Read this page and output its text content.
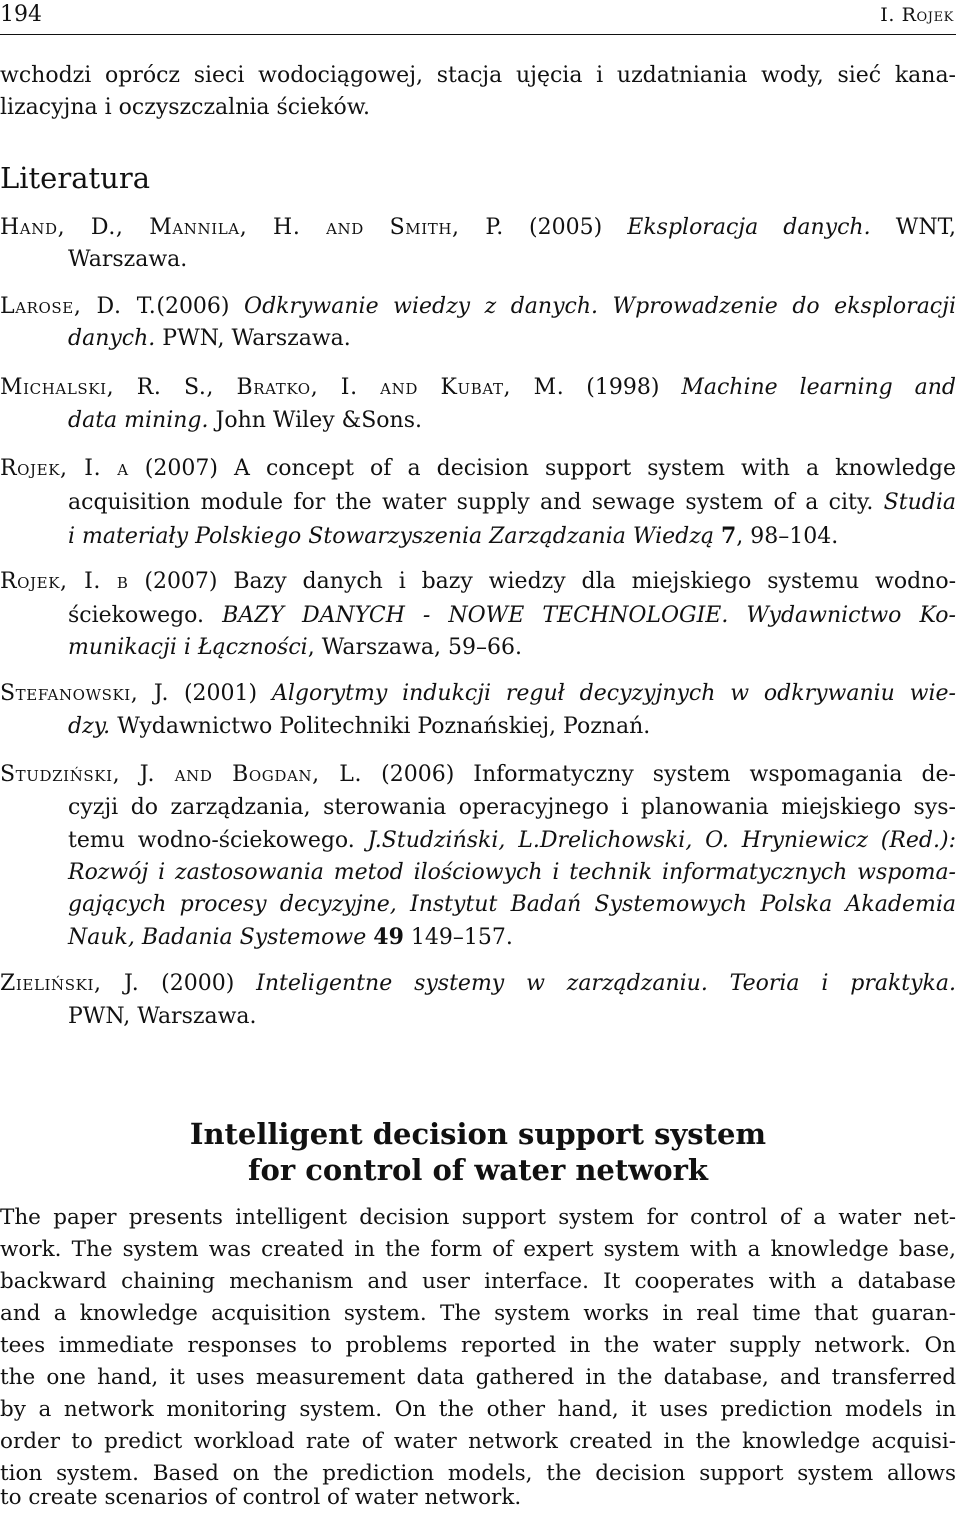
194	I. Rojek
wchodzi oprócz sieci wodociągowej, stacja ujęcia i uzdatniania wody, sieć kana-
lizacyjna i oczyszczalnia ścieków.
Literatura
Hand, D., Mannila, H. and Smith, P. (2005) Eksploracja danych. WNT,
Warszawa.
Larose, D. T.(2006) Odkrywanie wiedzy z danych. Wprowadzenie do eksploracji
danych. PWN, Warszawa.
Michalski, R. S., Bratko, I. and Kubat, M. (1998) Machine learning and
data mining. John Wiley &Sons.
Rojek, I. a (2007) A concept of a decision support system with a knowledge
acquisition module for the water supply and sewage system of a city. Studia
i materiały Polskiego Stowarzyszenia Zarządzania Wiedzą 7, 98–104.
Rojek, I. b (2007) Bazy danych i bazy wiedzy dla miejskiego systemu wodno-
ściekowego. BAZY DANYCH - NOWE TECHNOLOGIE. Wydawnictwo Ko-
munikacji i Łączności, Warszawa, 59–66.
Stefanowski, J. (2001) Algorytmy indukcji reguł decyzyjnych w odkrywaniu wie-
dzy. Wydawnictwo Politechniki Poznańskiej, Poznań.
Studziński, J. and Bogdan, L. (2006) Informatyczny system wspomagania de-
cyzji do zarządzania, sterowania operacyjnego i planowania miejskiego sys-
temu wodno-ściekowego. J.Studziński, L.Drelichowski, O. Hryniewicz (Red.):
Rozwój i zastosowania metod ilościowych i technik informatycznych wspoma-
gających procesy decyzyjne, Instytut Badań Systemowych Polska Akademia
Nauk, Badania Systemowe 49 149–157.
Zieliński, J. (2000) Inteligentne systemy w zarządzaniu. Teoria i praktyka.
PWN, Warszawa.
Intelligent decision support system
for control of water network
The paper presents intelligent decision support system for control of a water net-
work. The system was created in the form of expert system with a knowledge base,
backward chaining mechanism and user interface. It cooperates with a database
and a knowledge acquisition system. The system works in real time that guaran-
tees immediate responses to problems reported in the water supply network. On
the one hand, it uses measurement data gathered in the database, and transferred
by a network monitoring system. On the other hand, it uses prediction models in
order to predict workload rate of water network created in the knowledge acquisi-
tion system. Based on the prediction models, the decision support system allows
to create scenarios of control of water network.
